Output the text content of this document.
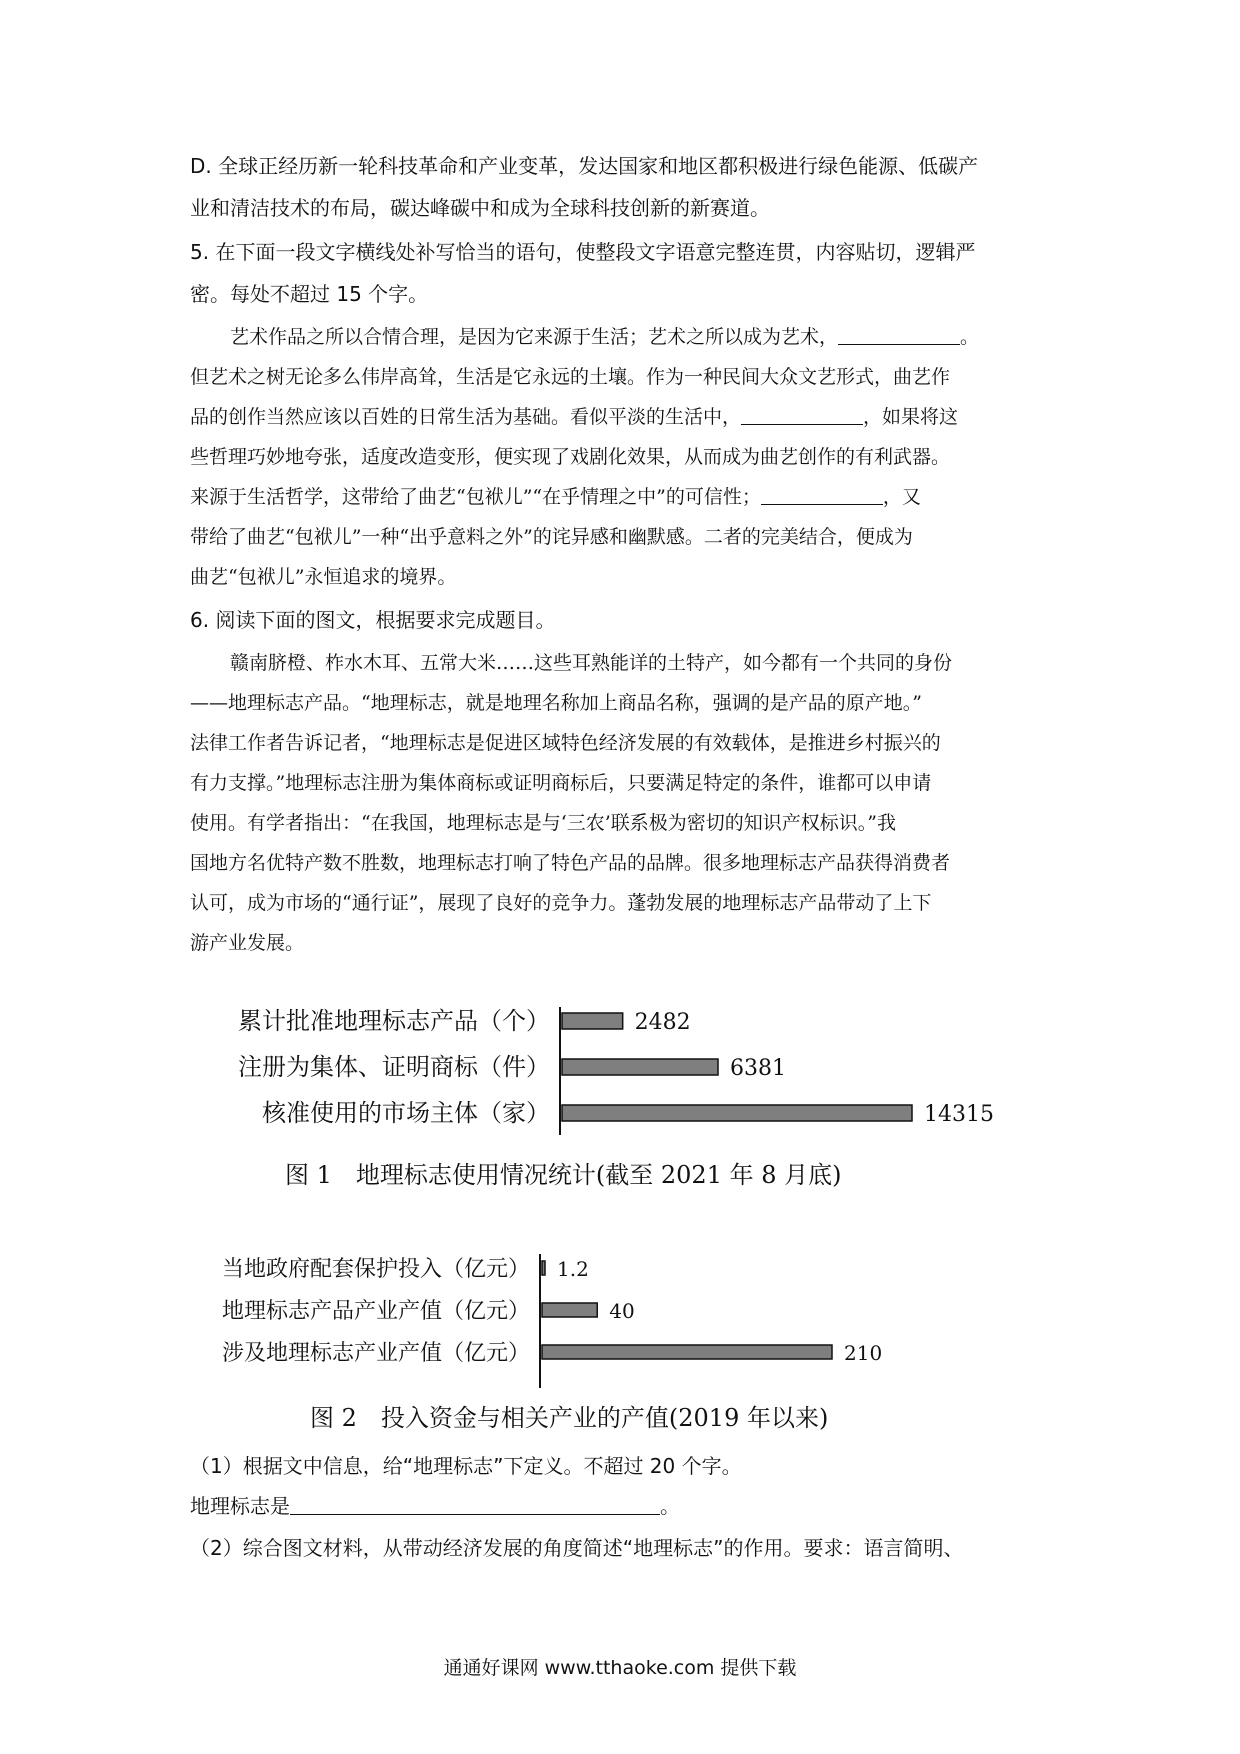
D. 全球正经历新一轮科技革命和产业变革，发达国家和地区都积极进行绿色能源、低碳产
业和清洁技术的布局，碳达峰碳中和成为全球科技创新的新赛道。
5. 在下面一段文字横线处补写恰当的语句，使整段文字语意完整连贯，内容贴切，逻辑严
密。每处不超过 15 个字。
艺术作品之所以合情合理，是因为它来源于生活；艺术之所以成为艺术，	。
但艺术之树无论多么伟岸高耸，生活是它永远的土壤。作为一种民间大众文艺形式，曲艺作
品的创作当然应该以百姓的日常生活为基础。看似平淡的生活中，	，如果将这
些哲理巧妙地夸张，适度改造变形，便实现了戏剧化效果，从而成为曲艺创作的有利武器。
来源于生活哲学，这带给了曲艺“包袱儿”“在乎情理之中”的可信性；	，又
带给了曲艺“包袱儿”一种“出乎意料之外”的诧异感和幽默感。二者的完美结合，便成为
曲艺“包袱儿”永恒追求的境界。
6. 阅读下面的图文，根据要求完成题目。
赣南脐橙、柞水木耳、五常大米……这些耳熟能详的土特产，如今都有一个共同的身份
——地理标志产品。“地理标志，就是地理名称加上商品名称，强调的是产品的原产地。”
法律工作者告诉记者，“地理标志是促进区域特色经济发展的有效载体，是推进乡村振兴的
有力支撑。”地理标志注册为集体商标或证明商标后，只要满足特定的条件，谁都可以申请
使用。有学者指出：“在我国，地理标志是与‘三农’联系极为密切的知识产权标识。”我
国地方名优特产数不胜数，地理标志打响了特色产品的品牌。很多地理标志产品获得消费者
认可，成为市场的“通行证”，展现了良好的竞争力。蓬勃发展的地理标志产品带动了上下
游产业发展。
累计批准地理标志产品（个）	2482
注册为集体、证明商标（件）	6381
核准使用的市场主体（家）	14315
图 1　地理标志使用情况统计(截至 2021 年 8 月底)
当地政府配套保护投入（亿元） 1.2
地理标志产品产业产值（亿元）	40
涉及地理标志产业产值（亿元）	210
图 2　投入资金与相关产业的产值(2019 年以来)
（1）根据文中信息，给“地理标志”下定义。不超过 20 个字。
地理标志是	。
（2）综合图文材料，从带动经济发展的角度简述“地理标志”的作用。要求：语言简明、
通通好课网 www.tthaoke.com 提供下载
